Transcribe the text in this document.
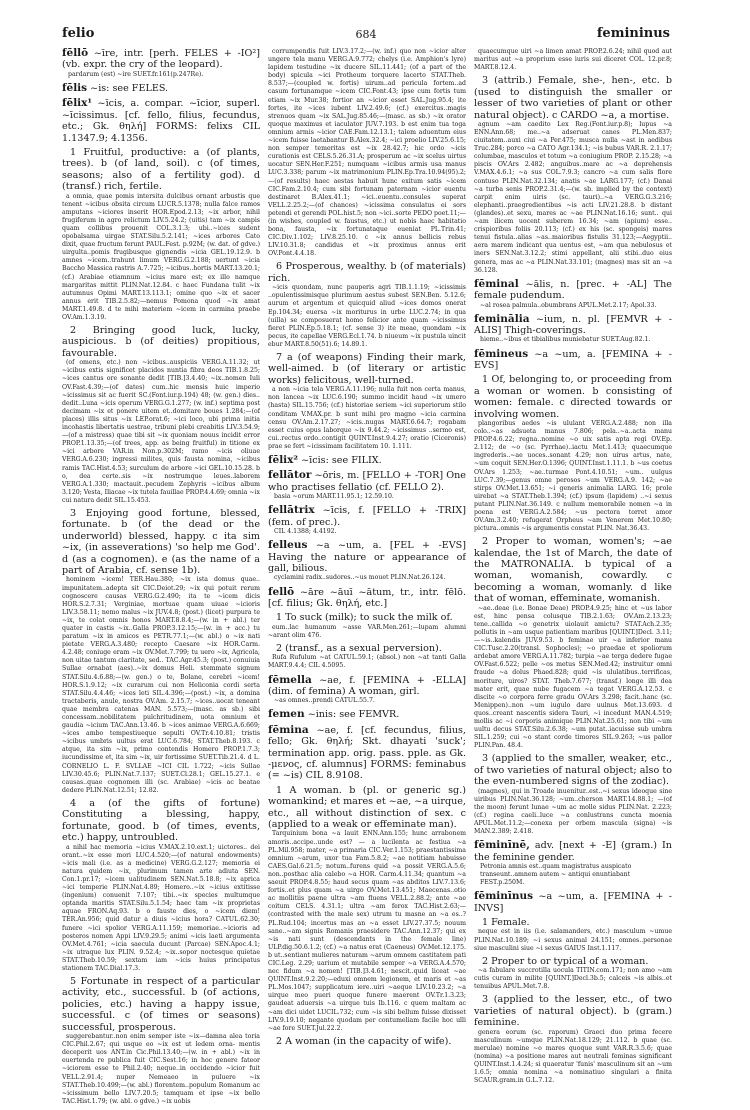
felio	684	femininus
fēllō ~īre, intr. [perh. FELES + -IO²] (vb. expr. the cry of the leopard).
pardarum (est) ~ire SUET.fr.161(p.247Re).
fēlis ~is: see FELES.
fēlix¹ ~īcis, a. compar. ~īcior, superl. ~īcissimus. [cf. fello, filius, fecundus, etc.; Gk. θηλή] FORMS: felixs CIL 1.1347.9; 4.1356.
1 Fruitful, productive: a (of plants, trees). b (of land, soil). c (of times, seasons; also of a fertility god). d (transf.) rich, fertile.
a omnia, quae pomis intersita dulcibus ornant arbustis que tenent ~icibus obsita circum LUCR.5.1378; nulla falce ramos amputans ~iciores inserit HOR.Epod.2.13; ~ix arbor, nihil frugiferum in agro relictum LIV.5.24.2; (uitis) tam ~ix campis quam collibus prouenit COL.3.1.3; ubi..~ices sudent opobalsama uirgae STAT.Silu.5.2.141; ~ices arbores Cato dixit, quae fructum ferunt PAUL.Fest. p.92M; (w. dat. of gdve.) uirgulta..pomis frugibusque gignendis ~icia GEL.19.12.9. b amnes ~icem..trahunt limum VERG.G.2.188; uertunt ~icia Baccho Massica rastris A.7.725; ~icibus..hortis MART.13.20.1; (cf.) Arabiae etiamnum ~icius mare est; ex illo namque margaritas mittit PLIN.Nat.12.84. c haec Fundana tulit ~ix autumnus Opimi MART.13.113.1; omine quo ~ix et sacer annus erit TIB.2.5.82;—nemus Pomona quod ~ix amat MART.1.49.8. d te mihi materiem ~icem in carmina praebe OV.Am.1.3.19.
2 Bringing good luck, lucky, auspicious. b (of deities) propitious, favourable.
(of omens, etc.) non ~icibus..auspiciis VERG.A.11.32; ut ~icibus extis significet placidos nuntia fibra deos TIB.1.8.25; ~ices cantus ore sonante dedit [TIB.]3.4.40; ~ix..nomen Iuli OV.Fast.4.39;—(of dates) cum..hic mensis huic imperio ~icissimus sit ac fuerit SC.(Font.iur.p.194) 48; (w. gen.) dies.. dedit..Luna ~icis operum VERG.G.1.277; (w. inf.) septima post decimam ~ix et ponere uitem et..domitare boues 1.284;—(of places) illis situs ~ix LEP.orat.6; ~ici loco, ubi prima initia incohastis libertatis uestrae, tribuni plebi creabitis LIV.3.54.9;—(of a mistress) quae tibi sit ~ix quoniam nouus incidit error PROP.1.13.35;—(of trees, app. as being fruitful) in titione ex ~ici arbore VAR.in Non.p.302M; ramo ~icis oliuae VERG.A.6.230; ingressi milites, quis fausta nomina, ~icibus ramis TAC.Hist.4.53; surculum de arbore ~ici GEL.10.15.28. b o, dea certe..sis ~ix nostrumque leues..laborem VERG.A.1.330; mactauit..pecudem Zephyris ~icibus album 3.120; Vesta, Iliacae ~ix tutela fauillae PROP.4.4.69; omnia ~ix cui natura dedit SIL.15.453.
3 Enjoying good fortune, blessed, fortunate. b (of the dead or the underworld) blessed, happy. c ita sim ~ix, (in asseverations) 'so help me God'. d (as a cognomen). e (as the name of a part of Arabia, cf. sense 1b).
hominem ~icem! TER.Hau.380; ~ix ista domus quae.. impunitatem..adepta sit CIC.Deiot.29; ~ix qui potuit rerum cognoscere causas VERG.G.2.490; ita te ~icem dicis HOR.S.2.7.31; Verginiae, mortuae quam uiuae ~icioris LIV.3.58.11; nemo malus ~ix JUV.4.8; (post.) (licet) purpura te ~ix, te colat omnis honos MART.8.8.4;—(w. in + abl.) ter quater in castis ~ix..Galla PROP.3.12.15;—(w. in + acc.) tu paratum ~ix in amicos es PETR.77.1;—(w. abl.) o ~ix nati pietate VERG.A.3.480; recepto Caesare ~ix HOR.Carm. 4.2.48; coniuge eram ~ix OV.Met.7.799; tu uero ~ix, Agricola, non uitae tantum claritate, sed.. TAC.Agr.45.3; (post.) conuiuia Sullae ornabat (aes)..~ix domus Heli. stemmate signum STAT.Silu.4.6.88;—(w. gen.) o te, Bolane, cerebri ~icem! HOR.S.1.9.12; ~ix curarum cui non Heliconia cordi serta STAT.Silu.4.4.46; ~ices leti SIL.4.396;—(post.) ~ix, a domina tractaberis, anule, nostra OV.Am. 2.15.7; ~ices..uocat teneant quae membra catenas MAN. 5.573;—(masc. as sb.) sibi concessam..nobilitatem pulchritudinem, uota omnium et gaudia ~icium TAC.Ann.13.46. b ~ices animae VERG.A.6.669; ~ices ambo tempestiueque sepulti OV.Tr.4.10.81; tristis ~icibus umbris uultus erat LUC.6.784; STAT.Theb.8.193. c atque, ita sim ~ix, primo contendis Homero PROP.1.7.3; iucundissime et, ita sim ~ix, uir fortissime SUET.Tib.21.4. d L. CORNELIO L. F. SVLLAE ~ICI CIL 1.722; ~icis Sullae LIV.30.45.6; PLIN.Nat.7.137; SUET.Cl.28.1; GEL.15.27.1. e causas..quae cognomen illi (sc. Arabiae) ~icis ac beatae dedere PLIN.Nat.12.51; 12.82.
4 a (of the gifts of fortune) Constituting a blessing, happy, fortunate, good. b (of times, events, etc.) happy, untroubled.
a nihil hac memoria ~icius V.MAX.2.10.ext.1; uictores.. dei orant..~ix esse mori LUC.4.520;—(of natural endowments) ~icis mali (i.e. as a medicine) VERG.G.2.127; memoria ei natura quidem ~ix, plurimum tamen arte adiuta SEN. Con.1.pr.17; ~icem ualitudinem SEN.Nat.5.18.8; ~ix aprica ~ici temperie PLIN.Nat.4.89; Homero..~ix ~icius extitisse (ingenium) conuenit 7.107; tibi..~ix species multumque optanda maritis STAT.Silu.5.1.54; haec tam ~ix proprietas aquae FRON.Aq.93. b o fauste dies, o ~icem diem! TER.An.956; quid datur a diuis ~icius hora? CATUL.62.30; funere ~ici spolior VERG.A.11.159; memoriae..~icioris ad posteros nomen Appi LIV.9.29.5; animi ~icis laeti argumenta OV.Met.4.761; ~icia saecula ducunt (Parcae) SEN.Apoc.4.1; ~ix utraque lux PLIN. 9.52.4; ~ix..sopor noctesque quietae STAT.Theb.10.59; sextam iam ~icis huius principatus stationem TAC.Dial.17.3.
5 Fortunate in respect of a particular activity, etc., successful. b (of actions, policies, etc.) having a happy issue, successful. c (of times or seasons) successful, prosperous.
suggerebantur..non enim semper iste ~ix—damna alea toria CIC.Phil.2.67; qui usque eo ~ix est ut ledem orna- mentis deceperit uos ANT.in Cic.Phil.13.40;—(w. in + abl.) ~ix in euertenda re publica fuit CIC.Sest.16; in hoc genere fateor ~iciorem esse te Phil.2.40; neque..in occidendo ~icior fuit VELL.2.91.4; nuper Nemeaeo in puluere ~ix STAT.Theb.10.499;—(w. abl.) florentem..populum Romanum ac ~icissimum bello LIV.7.20.5; tamquam et ipse ~ix bello TAC.Hist.1.79; (w. abl. o gdve.) ~ix uobis
corrumpendis fuit LIV.3.17.2;—(w. inf.) quo non ~icior alter ungere tela manu VERG.A.9.772; chelys (i.e. Amphion's lyre) lapidem testudine ~ix ducere SIL.11.441; (of a part of the body) spicula ~ici Protheum torquere lacerto STAT.Theb. 8.537;—(coupled w. fortis) uirum..ad pericula fortem..ad casum fortunamque ~icem CIC.Font.43; ipse cum fortis tum etiam ~ix Mur.38; fortior an ~icior esset SAL.Jug.95.4; ite fortes, ite ~ices iubent LIV.2.49.6; (cf.) exercitus..magis strenuos quam ~ix SAL.Jug.85.46;—(masc. as sb.) ~ix orator quoque maximus et iaculator JUV.7.193. b est enim tua toga omnium armis ~icior CAE.Fam.12.13.1; talem aduentum eius ~icem fuisse laetabantur B.Alex.32.4; ~ici proelio LIV.25.6.15; non semper temeritas est ~ix 28.42.7; hic ordo ~icis curationis est CELS.5.26.31.A; prosperum ac ~ix scelus uirtus uocatur SEN.Her.F.251; numquam ~icibus armis usa manus LUC.3.338; parum ~ix matrimonium PLIN.Ep.Tra.10.94(95).2;—(of results) haec aestas habuit hunc exitum satis ~icem CIC.Fam.2.10.4; cum sibi fortunam paternam ~icior euentu destinaret B.Alex.41.1; ~ici..euentu..consules superat VELL.2.25.2;—(of chances) ~icissima consulatus ei sors petendi et gerendi POL.hist.5; non ~ici..sorte PEDO poet.11;—(in wishes, coupled w. faustus, etc.) ut nobis haec habitatio bona, fausta, ~ix fortunataque eueniat PL.Trin.41; CIC.Div.1.102; LIV.8.25.10. c ~ix annus bellicis rebus LIV.10.31.8; candidus et ~ix proximus annus erit OV.Pont.4.4.18.
6 Prosperous, wealthy. b (of materials) rich.
~icis quondam, nunc pauperis agri TIB.1.1.19; ~icissimis ..opulentissimisque plurimum aestus subest SEN.Ben. 5.12.6; aurum et argentum et quicquid aliud ~ices domos onerat Ep.104.34; euersa ~ix moriturus in urbe LUC.2.74; in qua (uilla) se composuerat homo felicior ante quam ~icissimus fieret PLIN.Ep.5.18.1; (cf. sense 3) ite meae, quondam ~ix pecus, ite capellae VERG.Ecl.1.74. b niueum ~ix pustula uincit ebur MART.8.50(51).6; 14.89.1.
7 a (of weapons) Finding their mark, well-aimed. b (of literary or artistic works) felicitous, well-turned.
a non ~icia tela VERG.A.11.196; nulla fuit non certa manus, non lancea ~ix LUC.6.190; summo incidit haud ~ix umero (hasta) SIL.15.756; (cf.) historiae seriem ~ici superiorum stilo conditam V.MAX.pr. b sunt mihi pro magno ~icia carmina censu OV.Am.2.17.27; ~icis..nugas MART.6.64.7; rogabam esset cuius opus laborque ~ix 9.44.2; ~icissimus ..sermo est, cui..rectus ordo..contigit QUINT.Inst.9.4.27; oratio (Ciceronis) prae se fert ~icissimam facilitatem 10. 1.111.
fēlix² ~īcis: see FILIX.
fellātor ~ōris, m. [FELLO + -TOR] One who practises fellatio (cf. FELLO 2).
basia ~orum MART.11.95.1; 12.59.10.
fellātrix ~īcis, f. [FELLO + -TRIX] (fem. of prec.).
CIL 4.1388; 4.4192.
felleus ~a ~um, a. [FEL + -EVS] Having the nature or appearance of gall, bilious.
cyclamini radix..sudores..~us mouet PLIN.Nat.26.124.
fellō ~āre ~āuī ~ātum, tr., intr. fēlō. [cf. filius; Gk. θηλή, etc.]
1 To suck (milk); to suck the milk of.
eum..lac humanum ~asse VAR.Men.261;—lupam alumni ~arant olim 476.
2 (transf., as a sexual perversion).
Rufa Rufulum ~at CATUL.59.1; (absol.) non ~at tanti Galla MART.9.4.4; CIL 4.5095.
fēmella ~ae, f. [FEMINA + -ELLA] (dim. of femina) A woman, girl.
~as omnes..prendi CATUL.55.7.
femen ~inis: see FEMVR.
fēmina ~ae, f. [cf. fecundus, filius, fello; Gk. θηλή; Skt. dhayati 'suck'; termination app. orig. pass. pple. as Gk. -μενος, cf. alumnus] FORMS: feminabus (= ~is) CIL 8.9108.
1 A woman. b (pl. or generic sg.) womankind; et mares et ~ae, ~a uirque, etc., all without distinction of sex. c (applied to a weak or effeminate man).
Tarquinium bona ~a lauit ENN.Ann.155; hunc arrabonem amoris..accipe..unde est? — a lucilenta ac festiua ~a PL.Mil.958; mater, ~a primaria CIC.Ver.1.153; praestantissima omnium ~arum, uxor tua Fam.5.8.2; ~ae notitiam habuisse CAES.Gal.6.21.5; notum..furens quid ~a possit VERG.A.5.6; non..posthac alia calebo ~a HOR. Carm.4.11.34; quantum ~a saeuit PROP.4.8.55; haud secus quam ~as abditos LIV.7.13.6; fortis..et plus quam ~a uirgo OV.Met.13.451; Maecenas..otio ac mollitiis paene ultra ~am fluens VELL.2.88.2; ante ~ae coitum CELS. 4.31.1; ultra ~am ferox TAC.Hist.2.63;—(contrasted with the male sex) utrum tu masne an ~a es..? PL.Rud.104; incertus mas an ~a esset LIV.27.37.5; nouum sane..~am signis Romanis praesidere TAC.Ann.12.37; qui ex ~is nati sunt (descendants in the female line) ULP.dig.50.6.1.2; (cf.) ~a natus erat (Caeneus) OV.Met.12.175. b ut..sentiant mulieres naturam ~arum omnem castitatem pati CIC.Leg. 2.29; uarium et mutabile semper ~a VERG.A.4.570; nec fidum ~a nomen! [TIB.]3.4.61; nescit..quid liceat ~ae QUINT.Inst.9.2.20;—eduxi omnem legionem, et maris et ~as PL.Mos.1047; supplicatum iere..uiri ~aeque LIV.10.23.2; ~a uirque meo pueri quoque funere maerent OV.Tr.1.3.23; gaudeat aduersis ~a uirque tuis Ib.116. c quem maltam ac ~am dici uidet LUCIL.732; cum ~is sibi bellum fuisse dixisset LIV.9.19.10; negante quodam per contumeliam facile hoc ulli ~ae fore SUET.Jul.22.2.
2 A woman (in the capacity of wife).
quaecumque uiri ~a limen amat PROP.2.6.24; nihil quod aut maritus aut ~a proprium esse iuris sui diceret COL. 12.pr.8; MART.8.12.4.
3 (attrib.) Female, she-, hen-, etc. b (used to distinguish the smaller or lesser of two varieties of plant or other natural object). c CARDO ~a, a mortise.
agnum ~am caedito Lex Reg.(Font.iur.p.8); lupus ~a ENN.Ann.68; me..~a adseruat canes PL.Men.837; ciuitatem..auxi ciui ~a Per.475; musca nulla ~ast in aedibus Truc.284; porco ~a CATO Agr.134.1; ~is bubus VAR.R. 2.1.17; columbae, masculos et totum ~a coniugium PROP. 2.15.28; ~a piscis OV.Ars 2.482; anguibus..mare ac ~a deprehensis V.MAX.4.6.1; ~a sus COL.7.9.3; cancro ~a cum salis flore contuso PLIN.Nat.32.134; anatis ~ae LARG.177; (cf.) Danai ~a turba senis PROP.2.31.4;—(w. sb. implied by the context) carpit enim uiris (sc. tauri)..~a VERG.G.3.216; elephanti..praegredientibus ~is acti LIV.21.28.8. b distant (glandes)..et sexu, mares ac ~ae PLIN.Nat.16.16; sunt.. qui ~am ilicem uocent suberem 16.34; ~am (apium) esse.. crispioribus foliis 20.113; (cf.) ex his (sc. spongeis) mares tenui fistula..alias ~as..maioribus fistulis 31.123;—Aegyptii.. aera marem indicant qua uentus est, ~am qua nebulosus et iners SEN.Nat.3.12.2; stimi appellant, alii stibi..duo eius genera, mas ac ~a PLIN.Nat.33.101; (magnes) mas sit an ~a 36.128.
fēminal ~ālis, n. [prec. + -AL] The female pudendum.
~al rosea palmula..obumbrans APUL.Met.2.17; Apol.33.
feminālia ~ium, n. pl. [FEMVR + -ALIS] Thigh-coverings.
hieme..~ibus et tibialibus muniebatur SUET.Aug.82.1.
fēmineus ~a ~um, a. [FEMINA + -EVS]
1 Of, belonging to, or proceeding from a woman or women. b consisting of women: female. c directed towards or involving women.
plangoribus aedes ~is ululant VERG.A.2.488; non illa colo..~as adsueta manus 7.806; pela..~a..acta manu PROP.4.6.22; regna..nomine ~o uix satis apta regi OV.Ep. 2.112; de ~o (sc. Pyrrhae)..iactu Met.1.413; quaecumque ingrederis..~ae uoces..sonant 4.29; non uirus artus, nate, ~um coquit SEN.Her.O.1396; QUINT.Inst.1.11.1. b ~us coetus OV.Ars 1.253; ~ae..turmae Pont.4.10.51; ~um.. uulgus LUC.7.39;—genus omne perosos ~um VERG.A.9. 142; ~ae stirps OV.Met.13.651; ~i generis animalia LARG. 16; prole uirebat ~a STAT.Theb.1.394; (cf.) ipsum (lapidem) ..~i sexus putant PLIN.Nat.36.149. c nullum memorabile nomen ~a in poena est VERG.A.2.584; ~us pectora torret amor OV.Am.3.2.40; refugerat Orpheus ~am Venerem Met.10.80; pictura..omnis ~is argumentis constat PLIN. Nat.36.43.
2 Proper to woman, women's; ~ae kalendae, the 1st of March, the date of the MATRONALIA. b typical of a woman, womanish, cowardly. c becoming a woman, womanly. d like that of woman, effeminate, womanish.
~ae..deae (i.e. Bonae Deae) PROP.4.9.25; hinc et ~us labor est, hinc pensa colusque TIB.2.1.63; OV.Am.2.13.23; tene..callida ~o genetrix uiolauit amictu? STAT.Ach.2.35; pollutis in ~am usque patientiam maribus [QUINT.]Decl. 3.11;—~is..kalendis JUV.9.53. b feminae uir ~a inferior manu CIC.Tusc.2.20(transl. Sophocles); ~o praedae et spoliorum ardebat amore VERG.A.11.782; turpia ~ae terga dedere fugae OV.Fast.6.522; pelle ~os metus SEN.Med.42; instruitur omni fraude ~a dolus Phaed.828; quid ~is ululatibus..terrificas, moriture, uiros? STAT. Theb.7.677; (transf.) longe illi dea mater erit, quae nube fugacem ~a tegat VERG.A.12.53. c discite ~o corpora ferre gradu OV.Ars 3.298; facit..hanc (sc. Menippen)..non ~um iugulo dare uulnus Met.13.693. d quos..creant nascentis sidera Tauri, ~i incedunt MAN.4.519; mollis ac ~i corporis animique PLIN.Nat.25.61; non tibi ~um uultu decus STAT.Silu.2.6.38; ~um putat..iacuisse sub umbra SIL.1.259; cui ~o stant corde timores SIL.9.263; ~us pallor PLIN.Pan. 48.4.
3 (applied to the smaller, weaker, etc., of two varieties of natural object; also to the even-numbered signs of the zodiac).
(magnes), qui in Troade inuenitur..est..~i sexus ideoque sine uiribus PLIN.Nat.36.128; ~um..cherson MART.14.88.1; —(of the moon) ferunt lunae ~um ac molle sidus PLIN.Nat. 2.223; (cf.) regina caeli..luce ~a conlustrans cuncta moenia APUL.Met.11.2;—conexa per orbem mascula (signa) ~is MAN.2.389; 2.418.
fēminīnē, adv. [next + -E] (gram.) In the feminine gender.
Petronia amnis est..quam magistratus auspicato transeunt..amnem autem ~ antiqui enuntiabant FEST.p.250M.
fēminīnus ~a ~um, a. [FEMINA + -INVS]
1 Female.
neque est in iis (i.e. salamanders, etc.) masculum ~umue PLIN.Nat.10.189; ~i sexus animal 24.151; omnes..personae siue masculini siue ~i sexus GAIUS Inst.1.117.
2 Proper to or typical of a woman.
~a fabulare succrotilla uocula TITIN.com.171; non amo ~am cutis curam in milite [QUINT.]Decl.3b.5; calceis ~is albis..et tenuibus APUL.Met.7.8.
3 (applied to the lesser, etc., of two varieties of natural object). b (gram.) feminine.
genera eorum (sc. raporum) Graeci duo prima fecere masculinum ~umque PLIN.Nat.18.129; 21.112. b quae (sc. merulae) nomine ~o mares quoque sunt VAR.R.3.5.6; quae (nomina) ~a positione mares aut neutrali feminas significant QUINT.Inst.1.4.24; si quaeratur 'funis' masculinum sit an ~um 1.6.5; omnia nomina ~a nominatiuo singulari a finita SCAUR.gram.in G.L.7.12.
